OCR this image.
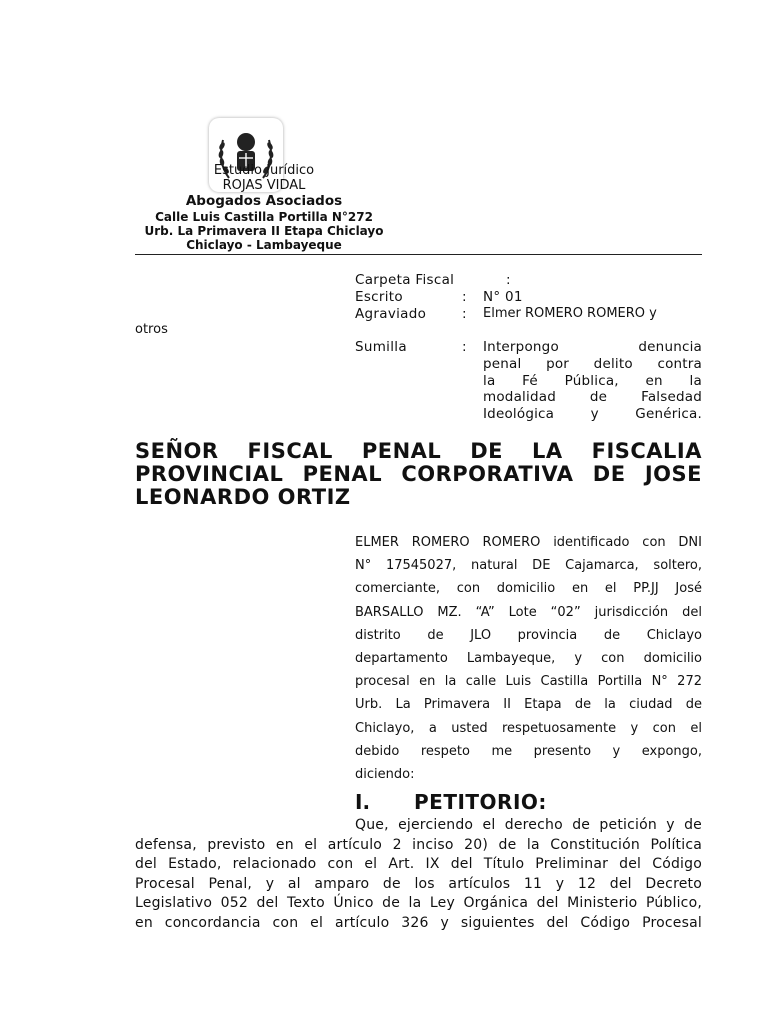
Estudio Jurídico
ROJAS VIDAL
Abogados Asociados
Calle Luis Castilla Portilla N°272
Urb. La Primavera II Etapa Chiclayo
Chiclayo - Lambayeque
Carpeta Fiscal	:
Escrito	: N° 01
Agraviado	: Elmer ROMERO ROMERO y
otros
Sumilla	: Interpongo denuncia
penal por delito contra
la Fé Pública, en la
modalidad de Falsedad
Ideológica y Genérica.
SEÑOR FISCAL PENAL DE LA FISCALIA
PROVINCIAL PENAL CORPORATIVA DE JOSE
LEONARDO ORTIZ
ELMER ROMERO ROMERO identificado con DNI
N° 17545027, natural DE Cajamarca, soltero,
comerciante, con domicilio en el PP.JJ José
BARSALLO MZ. “A” Lote “02” jurisdicción del
distrito de JLO provincia de Chiclayo
departamento Lambayeque, y con domicilio
procesal en la calle Luis Castilla Portilla N° 272
Urb. La Primavera II Etapa de la ciudad de
Chiclayo, a usted respetuosamente y con el
debido respeto me presento y expongo,
diciendo:
I. PETITORIO:
Que, ejerciendo el derecho de petición y de
defensa, previsto en el artículo 2 inciso 20) de la Constitución Política
del Estado, relacionado con el Art. IX del Título Preliminar del Código
Procesal Penal, y al amparo de los artículos 11 y 12 del Decreto
Legislativo 052 del Texto Único de la Ley Orgánica del Ministerio Público,
en concordancia con el artículo 326 y siguientes del Código Procesal
